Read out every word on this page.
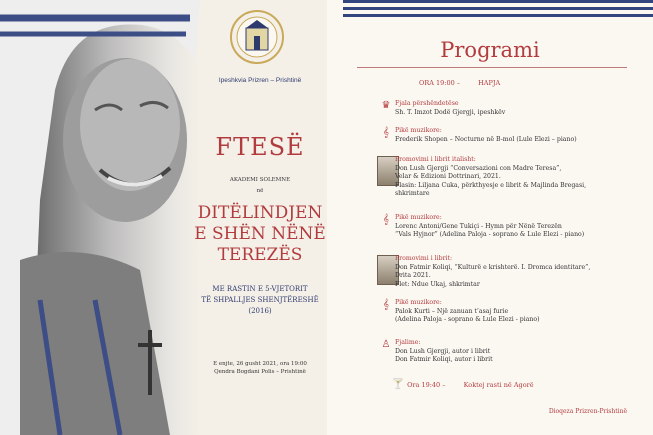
Ipeshkvia Prizren – Prishtinë
FTESË
AKADEMI SOLEMNE
në
DITËLINDJEN
E SHËN NËNË
TEREZËS
ME RASTIN E 5-VJETORIT
TË SHPALLJES SHENJTËRESHË
(2016)
E enjte, 26 gusht 2021, ora 19:00
Qendra Bogdani Polis – Prishtinë
Programi
ORA 19:00 –	HAPJA
♛ Fjala përshëndetëse
Sh. T. Imzot Dodë Gjergji, ipeshkëv
𝄞 Pikë muzikore:
Frederik Shopen – Nocturne në B-mol (Lule Elezi – piano)
Promovimi i librit italisht:
Don Lush Gjergji “Conversazioni con Madre Teresa”,
Velar & Edizioni Dottrinari, 2021.
Flasin: Liljana Cuka, përkthyesje e librit & Majlinda Bregasi,
shkrimtare
𝄞 Pikë muzikore:
Lorenc Antoni/Gene Tukiçi - Hymn për Nënë Terezën
“Vals Hyjnor” (Adelina Paloja - soprano & Lule Elezi - piano)
Promovimi i librit:
Don Fatmir Koliqi, “Kulturë e krishterë. I. Dromca identitare”,
Drita 2021.
Flet: Ndue Ukaj, shkrimtar
𝄞 Pikë muzikore:
Palok Kurti – Një zanuan t’asaj furie
(Adelina Paloja - soprano & Lule Elezi - piano)
♙ Fjalime:
Don Lush Gjergji, autor i librit
Don Fatmir Koliqi, autor i librit
🍸 Ora 19:40 –	Koktej rasti në Agorë
Dioqeza Prizren-Prishtinë
